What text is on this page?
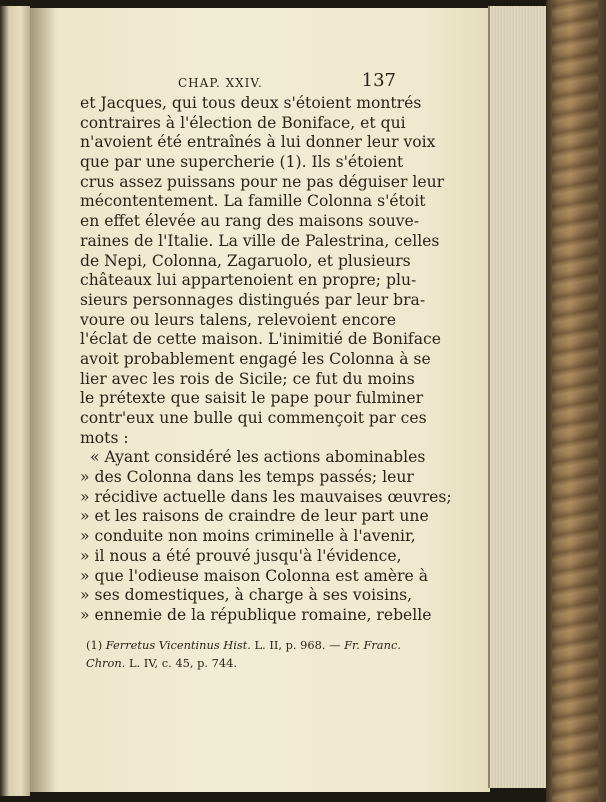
CHAP. XXIV.	137
et Jacques, qui tous deux s'étoient montrés
contraires à l'élection de Boniface, et qui
n'avoient été entraînés à lui donner leur voix
que par une supercherie (1). Ils s'étoient
crus assez puissans pour ne pas déguiser leur
mécontentement. La famille Colonna s'étoit
en effet élevée au rang des maisons souve-
raines de l'Italie. La ville de Palestrina, celles
de Nepi, Colonna, Zagaruolo, et plusieurs
châteaux lui appartenoient en propre; plu-
sieurs personnages distingués par leur bra-
voure ou leurs talens, relevoient encore
l'éclat de cette maison. L'inimitié de Boniface
avoit probablement engagé les Colonna à se
lier avec les rois de Sicile; ce fut du moins
le prétexte que saisit le pape pour fulminer
contr'eux une bulle qui commençoit par ces
mots :
« Ayant considéré les actions abominables
» des Colonna dans les temps passés; leur
» récidive actuelle dans les mauvaises œuvres;
» et les raisons de craindre de leur part une
» conduite non moins criminelle à l'avenir,
» il nous a été prouvé jusqu'à l'évidence,
» que l'odieuse maison Colonna est amère à
» ses domestiques, à charge à ses voisins,
» ennemie de la république romaine, rebelle
(1) Ferretus Vicentinus Hist. L. II, p. 968. — Fr. Franc.
Chron. L. IV, c. 45, p. 744.
